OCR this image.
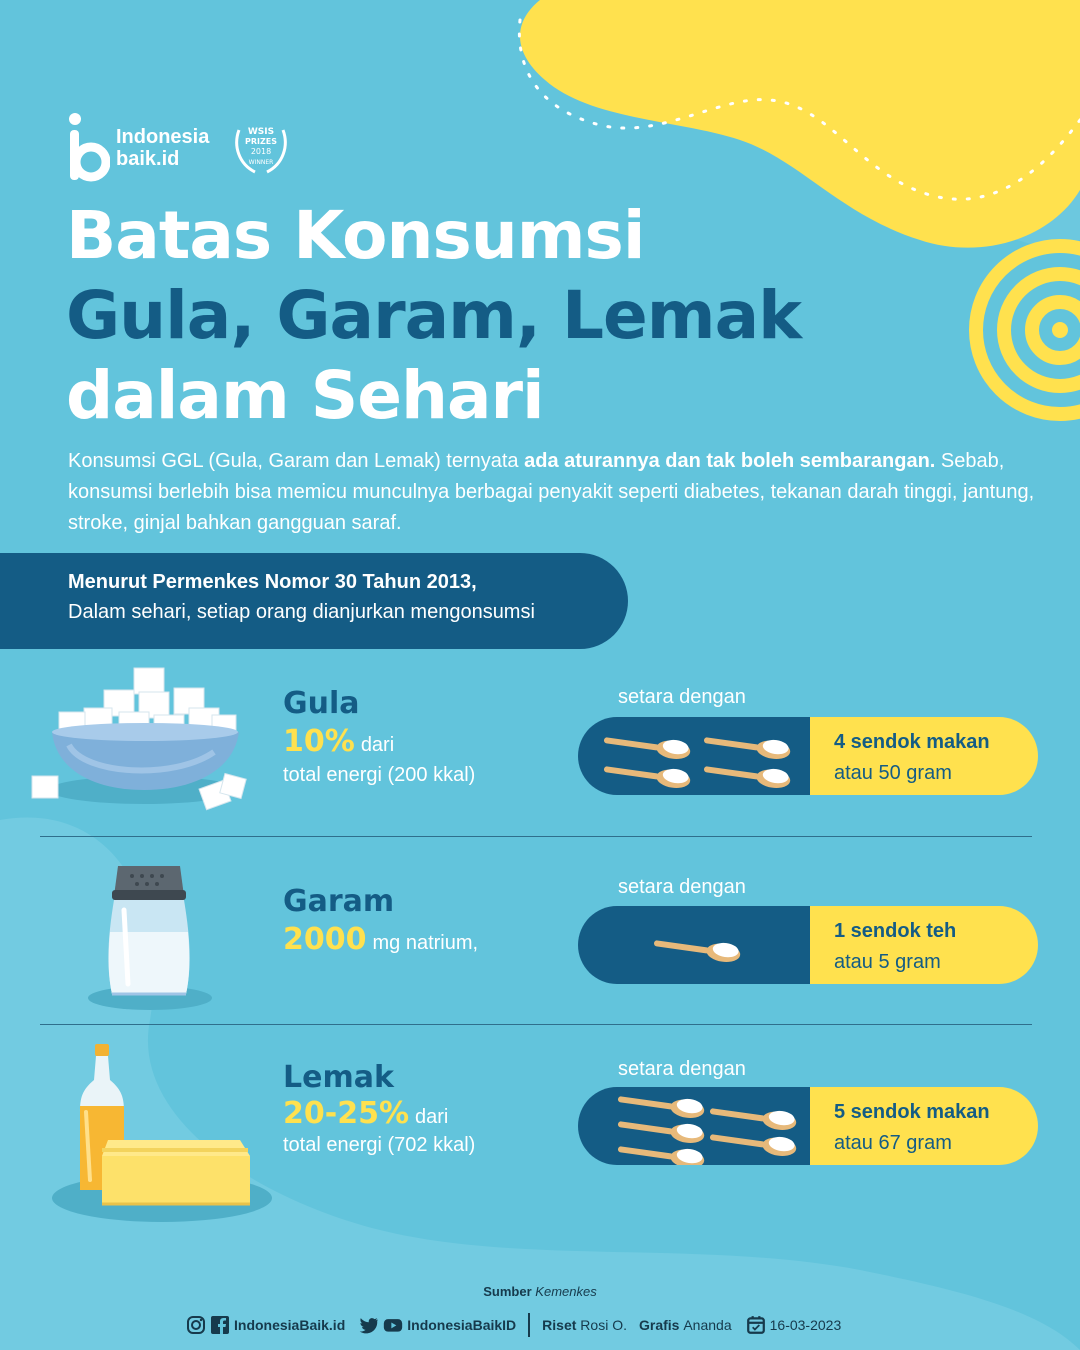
Indonesia
baik.id
WSIS
PRIZES
2018
WINNER
Batas Konsumsi
Gula, Garam, Lemak
dalam Sehari
Konsumsi GGL (Gula, Garam dan Lemak) ternyata ada aturannya dan tak boleh sembarangan. Sebab, konsumsi berlebih bisa memicu munculnya berbagai penyakit seperti diabetes, tekanan darah tinggi, jantung, stroke, ginjal bahkan gangguan saraf.
Menurut Permenkes Nomor 30 Tahun 2013,
Dalam sehari, setiap orang dianjurkan mengonsumsi
Gula
10% dari
total energi (200 kkal)
setara dengan
4 sendok makan
atau 50 gram
Garam
2000 mg natrium,
setara dengan
1 sendok teh
atau 5 gram
Lemak
20-25% dari
total energi (702 kkal)
setara dengan
5 sendok makan
atau 67 gram
Sumber Kemenkes
IndonesiaBaik.id	IndonesiaBaikID Riset
Rosi O. Grafis
Ananda	16-03-2023
